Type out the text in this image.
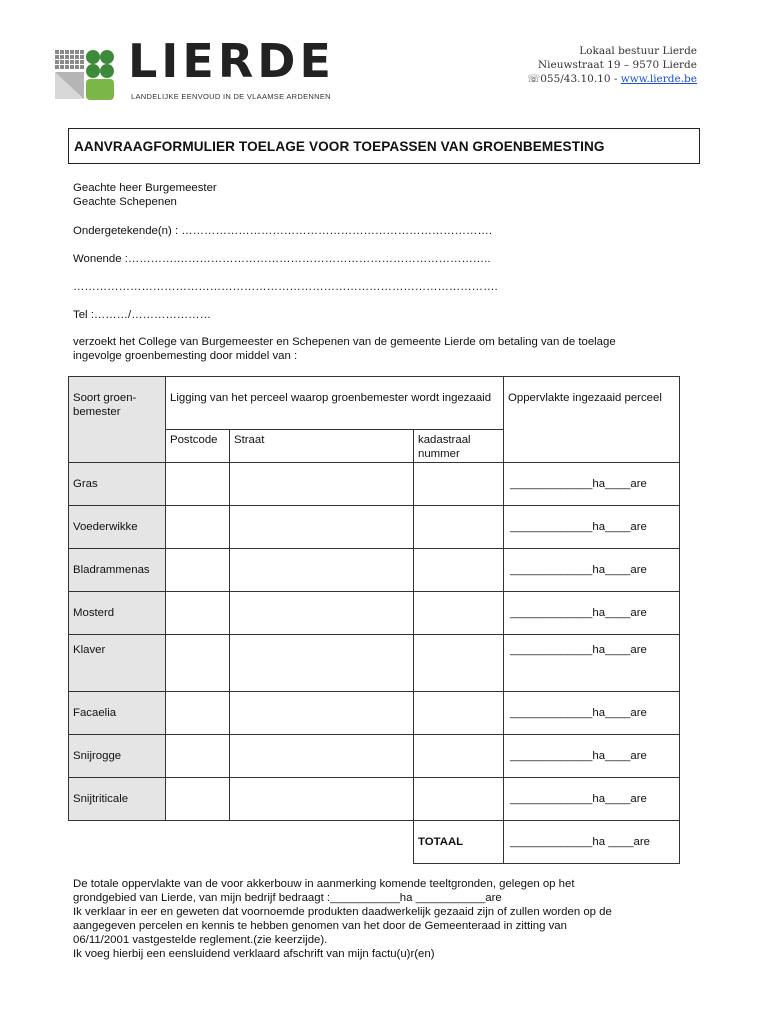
LIERDE
LANDELIJKE EENVOUD IN DE VLAAMSE ARDENNEN
Lokaal bestuur Lierde
Nieuwstraat 19 – 9570 Lierde
☏055/43.10.10 - www.lierde.be
AANVRAAGFORMULIER TOELAGE VOOR TOEPASSEN VAN GROENBEMESTING
Geachte heer Burgemeester
Geachte Schepenen
Ondergetekende(n) : ……………………………………………………………………….
Wonende :………….………………………………………………………………………..
………………………………………………………………………………………………….
Tel :………/…………………
verzoekt het College van Burgemeester en Schepenen van de gemeente Lierde om betaling van de toelage
ingevolge groenbemesting door middel van :
Soort groen-bemester	Ligging van het perceel waarop groenbemester wordt ingezaaid			Oppervlakte ingezaaid perceel
	Postcode	Straat	kadastraal nummer	
Gras				_____________ha____are
Voederwikke				_____________ha____are
Bladrammenas				_____________ha____are
Mosterd				_____________ha____are
Klaver				_____________ha____are
Facaelia				_____________ha____are
Snijrogge				_____________ha____are
Snijtriticale				_____________ha____are
			TOTAAL	_____________ha ____are
De totale oppervlakte van de voor akkerbouw in aanmerking komende teeltgronden, gelegen op het
grondgebied van Lierde, van mijn bedrijf bedraagt :___________ha ___________are
Ik verklaar in eer en geweten dat voornoemde produkten daadwerkelijk gezaaid zijn of zullen worden op de
aangegeven percelen en kennis te hebben genomen van het door de Gemeenteraad in zitting van
06/11/2001 vastgestelde reglement.(zie keerzijde).
Ik voeg hierbij een eensluidend verklaard afschrift van mijn factu(u)r(en)
